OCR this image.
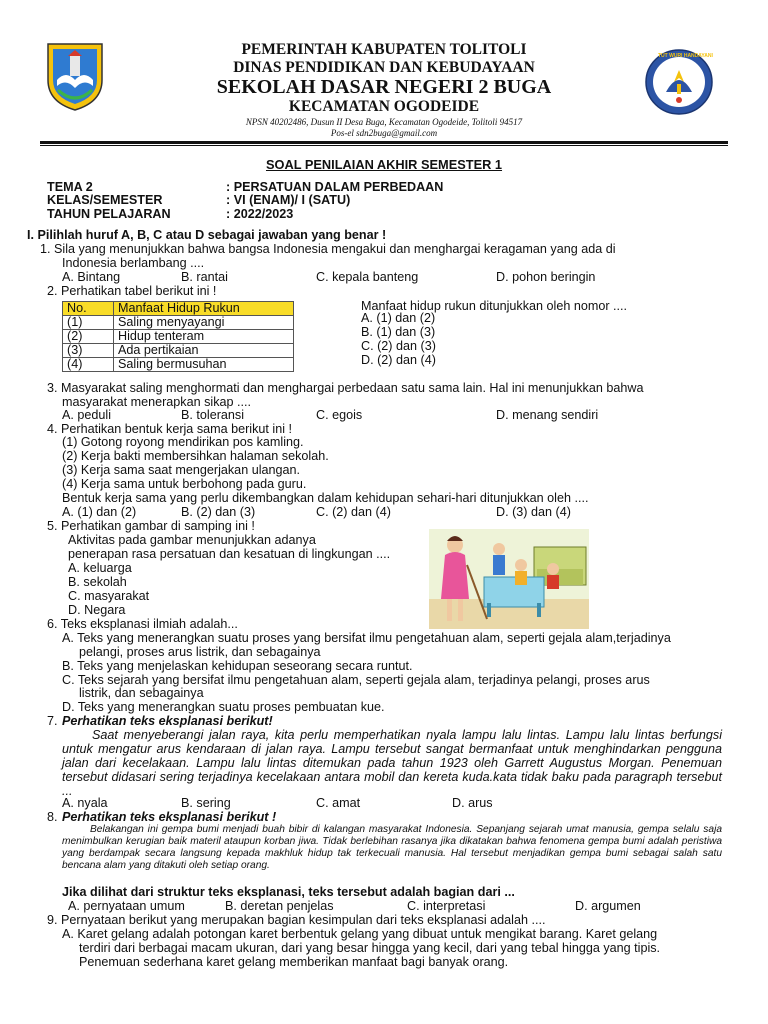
TUT WURI HANDAYANI
PEMERINTAH KABUPATEN TOLITOLI
DINAS PENDIDIKAN DAN KEBUDAYAAN
SEKOLAH DASAR NEGERI 2 BUGA
KECAMATAN OGODEIDE
NPSN 40202486, Dusun II Desa Buga, Kecamatan Ogodeide, Tolitoli 94517
Pos-el sdn2buga@gmail.com
SOAL PENILAIAN AKHIR SEMESTER 1
TEMA 2	: PERSATUAN DALAM PERBEDAAN
KELAS/SEMESTER	: VI (ENAM)/ I (SATU)
TAHUN PELAJARAN	: 2022/2023
I. Pilihlah huruf A, B, C atau D sebagai jawaban yang benar !
1. Sila yang menunjukkan bahwa bangsa Indonesia mengakui dan menghargai keragaman yang ada di
Indonesia berlambang ....
A. Bintang	B. rantai	C. kepala banteng	D. pohon beringin
2. Perhatikan tabel berikut ini !
No.	Manfaat Hidup Rukun
(1)	Saling menyayangi
(2)	Hidup tenteram
(3)	Ada pertikaian
(4)	Saling bermusuhan
Manfaat hidup rukun ditunjukkan oleh nomor ....
A. (1) dan (2)
B. (1) dan (3)
C. (2) dan (3)
D. (2) dan (4)
3. Masyarakat saling menghormati dan menghargai perbedaan satu sama lain. Hal ini menunjukkan bahwa
masyarakat menerapkan sikap ....
A. peduli	B. toleransi	C. egois	D. menang sendiri
4. Perhatikan bentuk kerja sama berikut ini !
(1) Gotong royong mendirikan pos kamling.
(2) Kerja bakti membersihkan halaman sekolah.
(3) Kerja sama saat mengerjakan ulangan.
(4) Kerja sama untuk berbohong pada guru.
Bentuk kerja sama yang perlu dikembangkan dalam kehidupan sehari-hari ditunjukkan oleh ....
A. (1) dan (2)	B. (2) dan (3)	C. (2) dan (4)	D. (3) dan (4)
5. Perhatikan gambar di samping ini !
Aktivitas pada gambar menunjukkan adanya
penerapan rasa persatuan dan kesatuan di lingkungan ....
A. keluarga
B. sekolah
C. masyarakat
D. Negara
6. Teks eksplanasi ilmiah adalah...
A. Teks yang menerangkan suatu proses yang bersifat ilmu pengetahuan alam, seperti gejala alam,terjadinya
pelangi, proses arus listrik, dan sebagainya
B. Teks yang menjelaskan kehidupan seseorang secara runtut.
C. Teks sejarah yang bersifat ilmu pengetahuan alam, seperti gejala alam, terjadinya pelangi, proses arus
listrik, dan sebagainya
D. Teks yang menerangkan suatu proses pembuatan kue.
7. Perhatikan teks eksplanasi berikut!
Saat menyeberangi jalan raya, kita perlu memperhatikan nyala lampu lalu lintas. Lampu lalu lintas berfungsi untuk mengatur arus kendaraan di jalan raya. Lampu tersebut sangat bermanfaat untuk menghindarkan pengguna jalan dari kecelakaan. Lampu lalu lintas ditemukan pada tahun 1923 oleh Garrett Augustus Morgan. Penemuan tersebut didasari sering terjadinya kecelakaan antara mobil dan kereta kuda.kata tidak baku pada paragraph tersebut ...
A. nyala	B. sering	C. amat	D. arus
8. Perhatikan teks eksplanasi berikut !
Belakangan ini gempa bumi menjadi buah bibir di kalangan masyarakat Indonesia. Sepanjang sejarah umat manusia, gempa selalu saja menimbulkan kerugian baik materil ataupun korban jiwa. Tidak berlebihan rasanya jika dikatakan bahwa fenomena gempa bumi adalah peristiwa yang berdampak secara langsung kepada makhluk hidup tak terkecuali manusia. Hal tersebut menjadikan gempa bumi sebagai salah satu bencana alam yang ditakuti oleh setiap orang.
Jika dilihat dari struktur teks eksplanasi, teks tersebut adalah bagian dari ...
A. pernyataan umum	B. deretan penjelas	C. interpretasi	D. argumen
9. Pernyataan berikut yang merupakan bagian kesimpulan dari teks eksplanasi adalah ....
A. Karet gelang adalah potongan karet berbentuk gelang yang dibuat untuk mengikat barang. Karet gelang
terdiri dari berbagai macam ukuran, dari yang besar hingga yang kecil, dari yang tebal hingga yang tipis.
Penemuan sederhana karet gelang memberikan manfaat bagi banyak orang.
